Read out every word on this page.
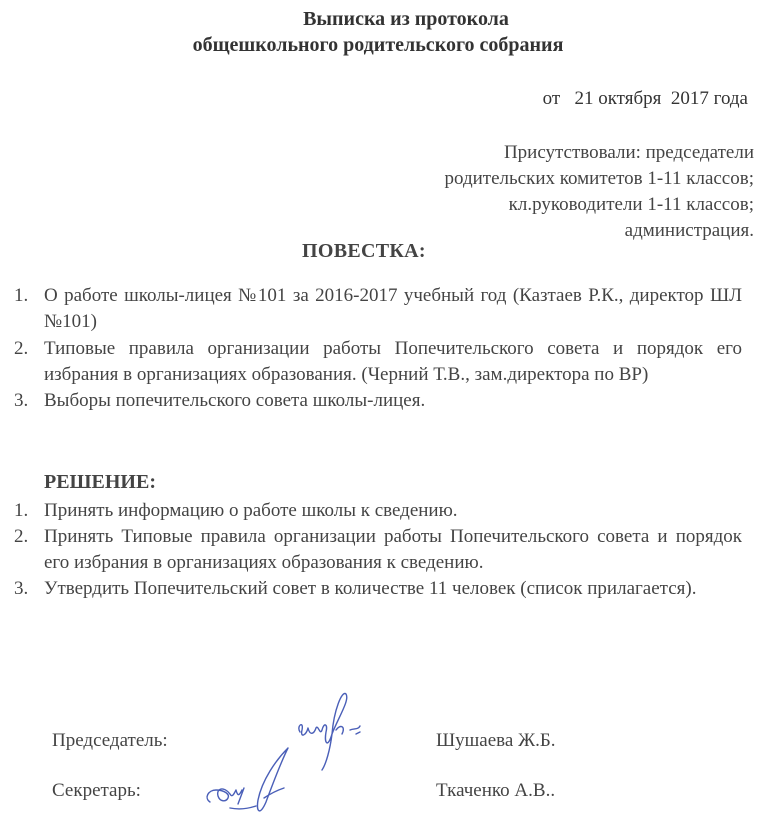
Выписка из протокола
общешкольного родительского собрания
от   21 октября  2017 года
Присутствовали: председатели
родительских комитетов 1-11 классов;
кл.руководители 1-11 классов;
администрация.
ПОВЕСТКА:
1. О работе школы-лицея №101 за 2016-2017 учебный год (Казтаев Р.К., директор ШЛ №101)
2. Типовые правила организации работы Попечительского совета и порядок его избрания в организациях образования. (Черний Т.В., зам.директора по ВР)
3. Выборы попечительского совета школы-лицея.
РЕШЕНИЕ:
1. Принять информацию о работе школы к сведению.
2. Принять Типовые правила организации работы Попечительского совета и порядок его избрания в организациях образования к сведению.
3. Утвердить Попечительский совет в количестве 11 человек (список прилагается).
Председатель:	Шушаева Ж.Б.
Секретарь:	Ткаченко А.В..
